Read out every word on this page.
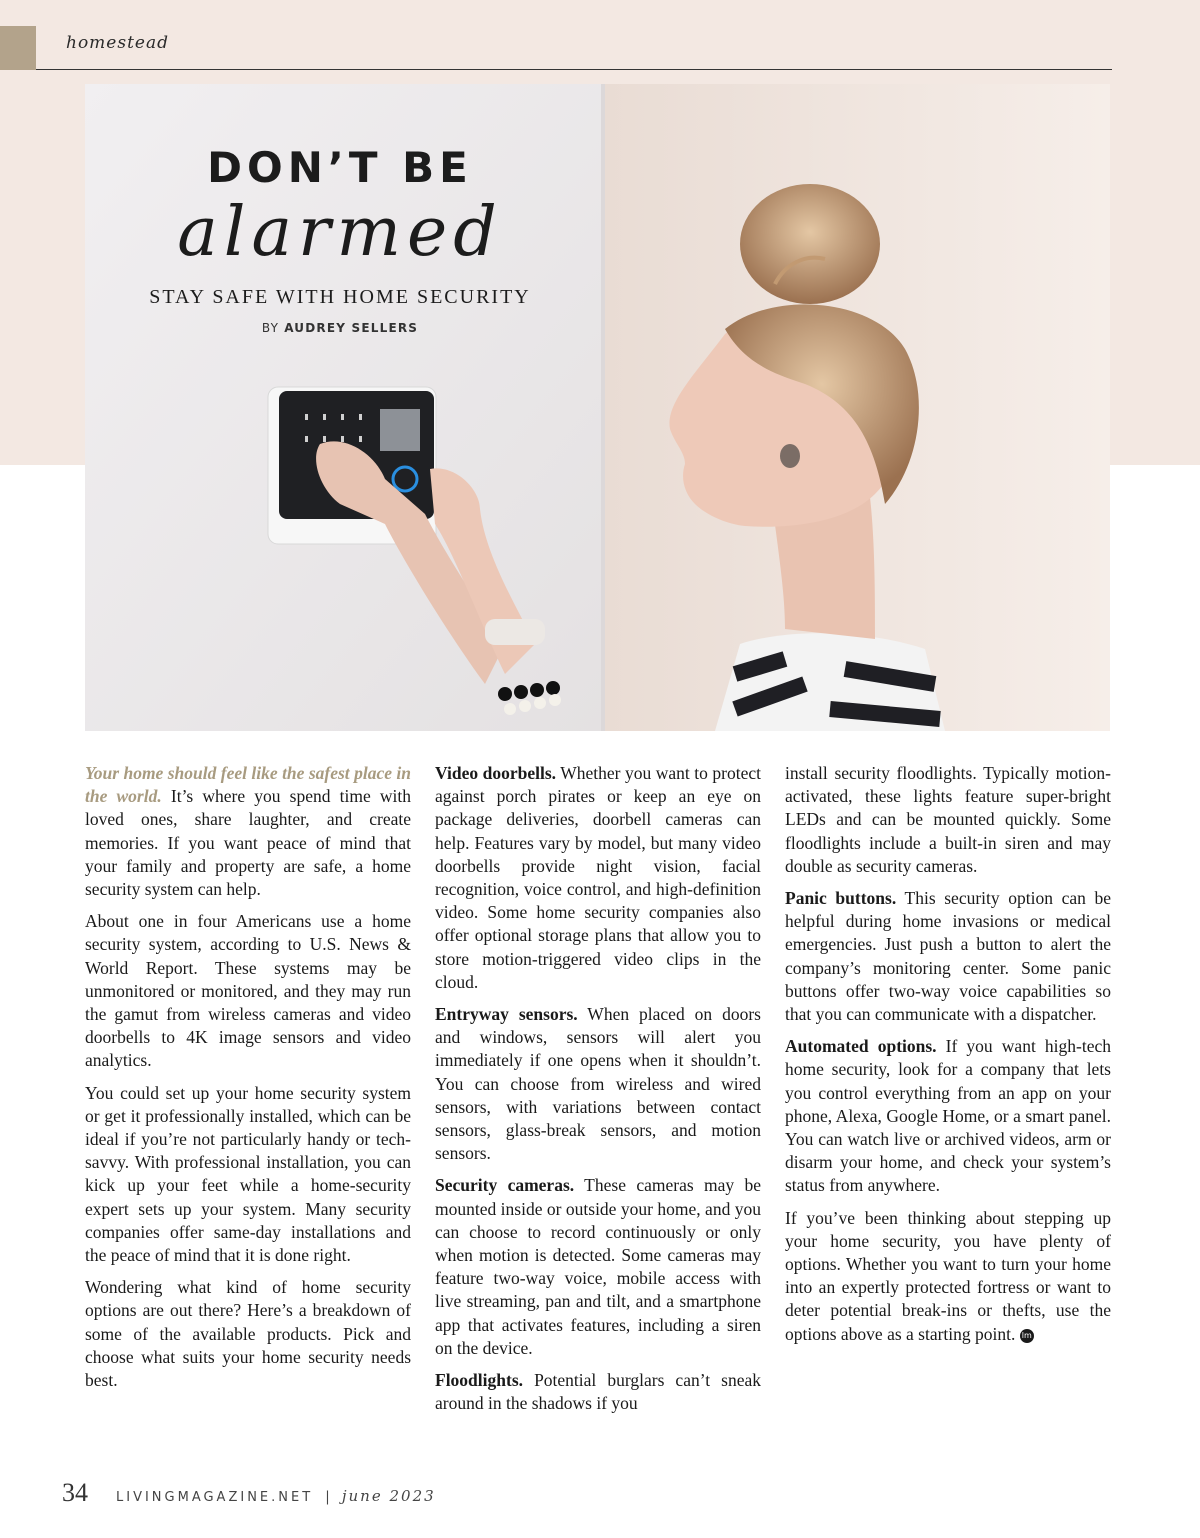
homestead
DON’T BE
alarmed
STAY SAFE WITH HOME SECURITY
BY AUDREY SELLERS

Your home should feel like the safest place in the world. It’s where you spend time with loved ones, share laughter, and create memories. If you want peace of mind that your family and property are safe, a home security system can help.

About one in four Americans use a home security system, according to U.S. News & World Report. These systems may be unmonitored or monitored, and they may run the gamut from wireless cameras and video doorbells to 4K image sensors and video analytics.

You could set up your home security system or get it professionally installed, which can be ideal if you’re not particularly handy or tech-savvy. With professional installation, you can kick up your feet while a home-security expert sets up your system. Many security companies offer same-day installations and the peace of mind that it is done right.

Wondering what kind of home security options are out there? Here’s a breakdown of some of the available products. Pick and choose what suits your home security needs best.

Video doorbells. Whether you want to protect against porch pirates or keep an eye on package deliveries, doorbell cameras can help. Features vary by model, but many video doorbells provide night vision, facial recognition, voice control, and high-definition video. Some home security companies also offer optional storage plans that allow you to store motion-triggered video clips in the cloud.

Entryway sensors. When placed on doors and windows, sensors will alert you immediately if one opens when it shouldn’t. You can choose from wireless and wired sensors, with variations between contact sensors, glass-break sensors, and motion sensors.

Security cameras. These cameras may be mounted inside or outside your home, and you can choose to record continuously or only when motion is detected. Some cameras may feature two-way voice, mobile access with live streaming, pan and tilt, and a smartphone app that activates features, including a siren on the device.

Floodlights. Potential burglars can’t sneak around in the shadows if you

install security floodlights. Typically motion-activated, these lights feature super-bright LEDs and can be mounted quickly. Some floodlights include a built-in siren and may double as security cameras.

Panic buttons. This security option can be helpful during home invasions or medical emergencies. Just push a button to alert the company’s monitoring center. Some panic buttons offer two-way voice capabilities so that you can communicate with a dispatcher.

Automated options. If you want high-tech home security, look for a company that lets you control everything from an app on your phone, Alexa, Google Home, or a smart panel. You can watch live or archived videos, arm or disarm your home, and check your system’s status from anywhere.

If you’ve been thinking about stepping up your home security, you have plenty of options. Whether you want to turn your home into an expertly protected fortress or want to deter potential break-ins or thefts, use the options above as a starting point. lm

34 LIVINGMAGAZINE.NET | june 2023
